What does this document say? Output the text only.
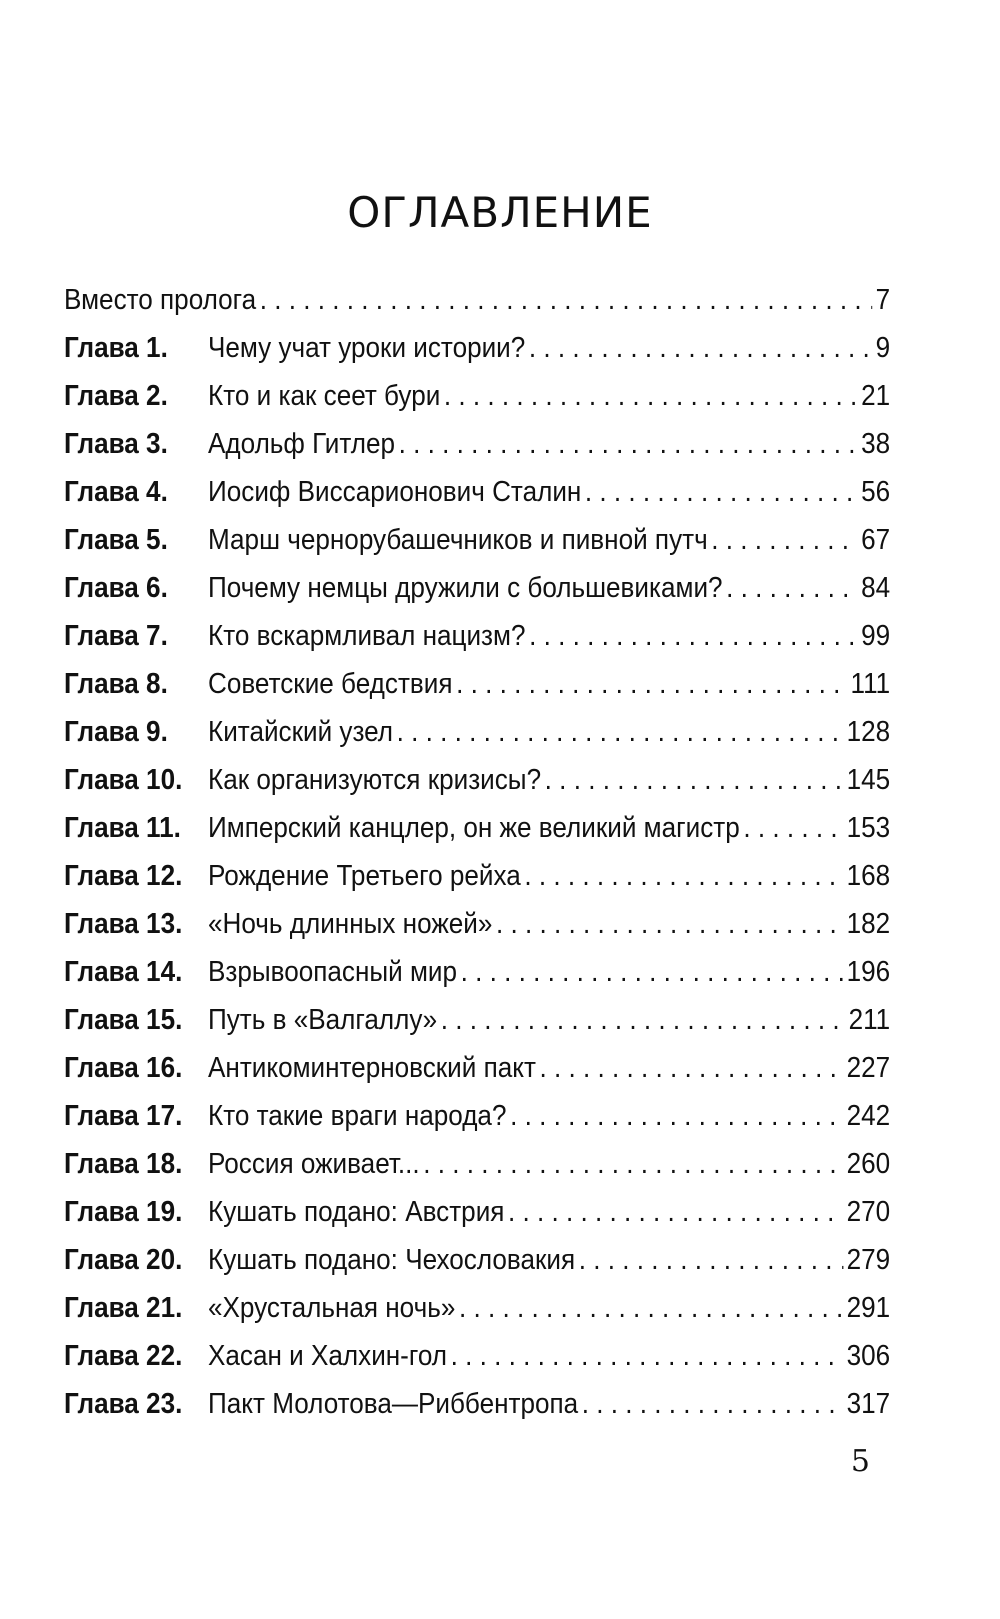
ОГЛАВЛЕНИЕ
Вместо пролога . . .	7
Глава 1.	Чему учат уроки истории? . . .	9
Глава 2.	Кто и как сеет бури . . .	21
Глава 3.	Адольф Гитлер . . .	38
Глава 4.	Иосиф Виссарионович Сталин . . .	56
Глава 5.	Марш чернорубашечников и пивной путч . . .	67
Глава 6.	Почему немцы дружили с большевиками? . . .	84
Глава 7.	Кто вскармливал нацизм? . . .	99
Глава 8.	Советские бедствия . . .	111
Глава 9.	Китайский узел . . .	128
Глава 10. Как организуются кризисы? . . .	145
Глава 11. Имперский канцлер, он же великий магистр . . .	153
Глава 12. Рождение Третьего рейха . . .	168
Глава 13. «Ночь длинных ножей» . . .	182
Глава 14. Взрывоопасный мир . . .	196
Глава 15. Путь в «Валгаллу» . . .	211
Глава 16. Антикоминтерновский пакт . . .	227
Глава 17. Кто такие враги народа? . . .	242
Глава 18. Россия оживает... . . .	260
Глава 19. Кушать подано: Австрия . . .	270
Глава 20. Кушать подано: Чехословакия . . .	279
Глава 21. «Хрустальная ночь» . . .	291
Глава 22. Хасан и Халхин-гол . . .	306
Глава 23. Пакт Молотова—Риббентропа . . .	317
5
